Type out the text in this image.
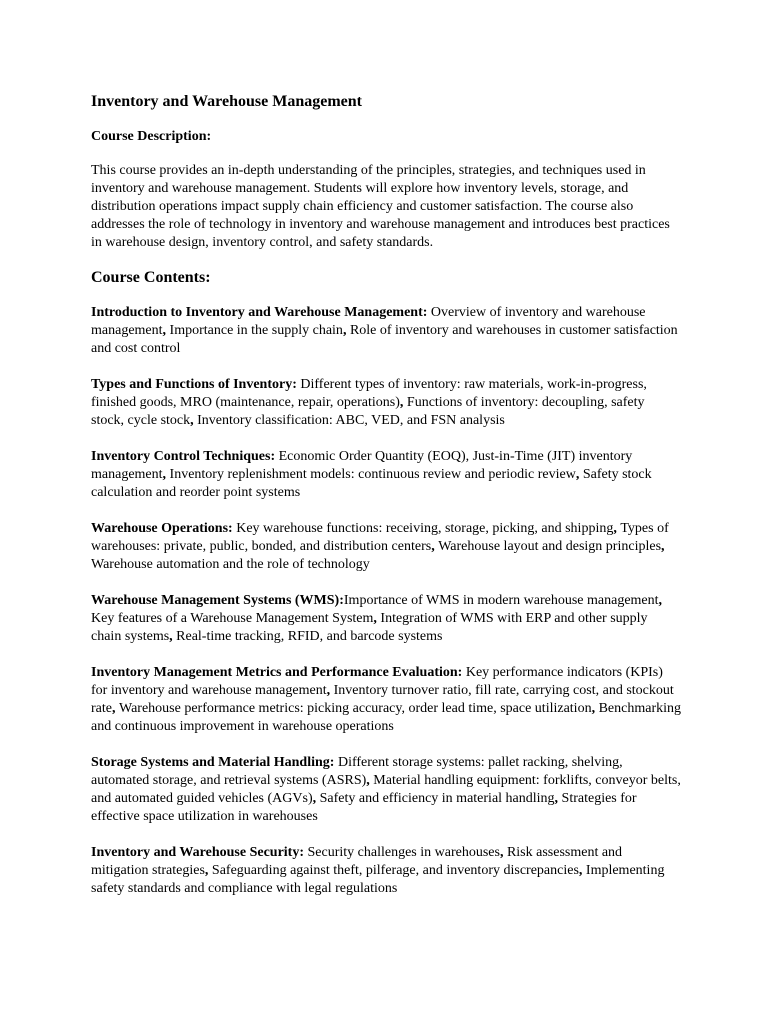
Inventory and Warehouse Management
Course Description:
This course provides an in-depth understanding of the principles, strategies, and techniques used in inventory and warehouse management. Students will explore how inventory levels, storage, and distribution operations impact supply chain efficiency and customer satisfaction. The course also addresses the role of technology in inventory and warehouse management and introduces best practices in warehouse design, inventory control, and safety standards.
Course Contents:
Introduction to Inventory and Warehouse Management: Overview of inventory and warehouse management , Importance in the supply chain , Role of inventory and warehouses in customer satisfaction and cost control
Types and Functions of Inventory: Different types of inventory: raw materials, work-in-progress, finished goods, MRO (maintenance, repair, operations) , Functions of inventory: decoupling, safety stock, cycle stock , Inventory classification: ABC, VED, and FSN analysis
Inventory Control Techniques: Economic Order Quantity (EOQ), Just-in-Time (JIT) inventory management , Inventory replenishment models: continuous review and periodic review , Safety stock calculation and reorder point systems
Warehouse Operations: Key warehouse functions: receiving, storage, picking, and shipping , Types of warehouses: private, public, bonded, and distribution centers , Warehouse layout and design principles, Warehouse automation and the role of technology
Warehouse Management Systems (WMS):Importance of WMS in modern warehouse management, Key features of a Warehouse Management System , Integration of WMS with ERP and other supply chain systems , Real-time tracking, RFID, and barcode systems
Inventory Management Metrics and Performance Evaluation: Key performance indicators (KPIs) for inventory and warehouse management , Inventory turnover ratio, fill rate, carrying cost, and stockout rate , Warehouse performance metrics: picking accuracy, order lead time, space utilization , Benchmarking and continuous improvement in warehouse operations
Storage Systems and Material Handling: Different storage systems: pallet racking, shelving, automated storage, and retrieval systems (ASRS) , Material handling equipment: forklifts, conveyor belts, and automated guided vehicles (AGVs) , Safety and efficiency in material handling , Strategies for effective space utilization in warehouses
Inventory and Warehouse Security: Security challenges in warehouses , Risk assessment and mitigation strategies , Safeguarding against theft, pilferage, and inventory discrepancies , Implementing safety standards and compliance with legal regulations
